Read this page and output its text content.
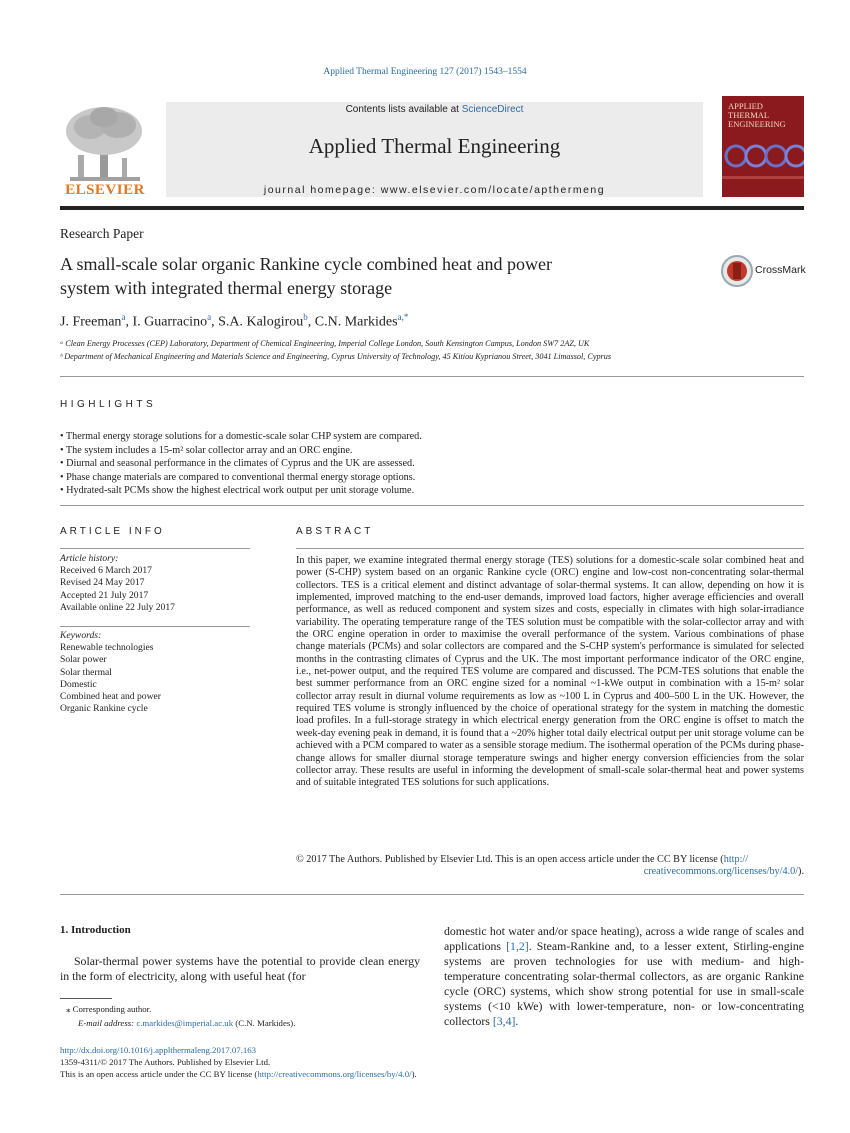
Applied Thermal Engineering 127 (2017) 1543–1554
ELSEVIER
Contents lists available at ScienceDirect
Applied Thermal Engineering
journal homepage: www.elsevier.com/locate/apthermeng
APPLIED
THERMAL
ENGINEERING
Research Paper
A small-scale solar organic Rankine cycle combined heat and power
system with integrated thermal energy storage
CrossMark
J. Freeman$^a$, I. Guarracino$^a$, S.A. Kalogirou$^b$, C.N. Markides$^{a,*}$
ᵃ Clean Energy Processes (CEP) Laboratory, Department of Chemical Engineering, Imperial College London, South Kensington Campus, London SW7 2AZ, UK
ᵇ Department of Mechanical Engineering and Materials Science and Engineering, Cyprus University of Technology, 45 Kitiou Kyprianou Street, 3041 Limassol, Cyprus
HIGHLIGHTS
• Thermal energy storage solutions for a domestic-scale solar CHP system are compared.
• The system includes a 15-m² solar collector array and an ORC engine.
• Diurnal and seasonal performance in the climates of Cyprus and the UK are assessed.
• Phase change materials are compared to conventional thermal energy storage options.
• Hydrated-salt PCMs show the highest electrical work output per unit storage volume.
ARTICLE INFO
Article history:
Received 6 March 2017
Revised 24 May 2017
Accepted 21 July 2017
Available online 22 July 2017
Keywords:
Renewable technologies
Solar power
Solar thermal
Domestic
Combined heat and power
Organic Rankine cycle
ABSTRACT
In this paper, we examine integrated thermal energy storage (TES) solutions for a domestic-scale solar combined heat and power (S-CHP) system based on an organic Rankine cycle (ORC) engine and low-cost non-concentrating solar-thermal collectors. TES is a critical element and distinct advantage of solar-thermal systems. It can allow, depending on how it is implemented, improved matching to the end-user demands, improved load factors, higher average efficiencies and overall performance, as well as reduced component and system sizes and costs, especially in climates with high solar-irradiance variability. The operating temperature range of the TES solution must be compatible with the solar-collector array and with the ORC engine operation in order to maximise the overall performance of the system. Various combinations of phase change materials (PCMs) and solar collectors are compared and the S-CHP system's performance is simulated for selected months in the contrasting climates of Cyprus and the UK. The most important performance indicator of the ORC engine, i.e., net-power output, and the required TES volume are compared and discussed. The PCM-TES solutions that enable the best summer performance from an ORC engine sized for a nominal ~1-kWe output in combination with a 15-m² solar collector array result in diurnal volume requirements as low as ~100 L in Cyprus and 400–500 L in the UK. However, the required TES volume is strongly influenced by the choice of operational strategy for the system in matching the domestic load profiles. In a full-storage strategy in which electrical energy generation from the ORC engine is offset to match the week-day evening peak in demand, it is found that a ~20% higher total daily electrical output per unit storage volume can be achieved with a PCM compared to water as a sensible storage medium. The isothermal operation of the PCMs during phase-change allows for smaller diurnal storage temperature swings and higher energy conversion efficiencies from the solar collector array. These results are useful in informing the development of small-scale solar-thermal heat and power systems and of suitable integrated TES solutions for such applications.
© 2017 The Authors. Published by Elsevier Ltd. This is an open access article under the CC BY license (http://
creativecommons.org/licenses/by/4.0/).
1. Introduction
Solar-thermal power systems have the potential to provide clean energy in the form of electricity, along with useful heat (for
domestic hot water and/or space heating), across a wide range of scales and applications [1,2]. Steam-Rankine and, to a lesser extent, Stirling-engine systems are proven technologies for use with medium- and high-temperature concentrating solar-thermal collectors, as are organic Rankine cycle (ORC) systems, which show strong potential for use in small-scale systems (<10 kWe) with lower-temperature, non- or low-concentrating collectors [3,4].
⁎ Corresponding author.
E-mail address: c.markides@imperial.ac.uk (C.N. Markides).
http://dx.doi.org/10.1016/j.applthermaleng.2017.07.163
1359-4311/© 2017 The Authors. Published by Elsevier Ltd.
This is an open access article under the CC BY license (http://creativecommons.org/licenses/by/4.0/).
